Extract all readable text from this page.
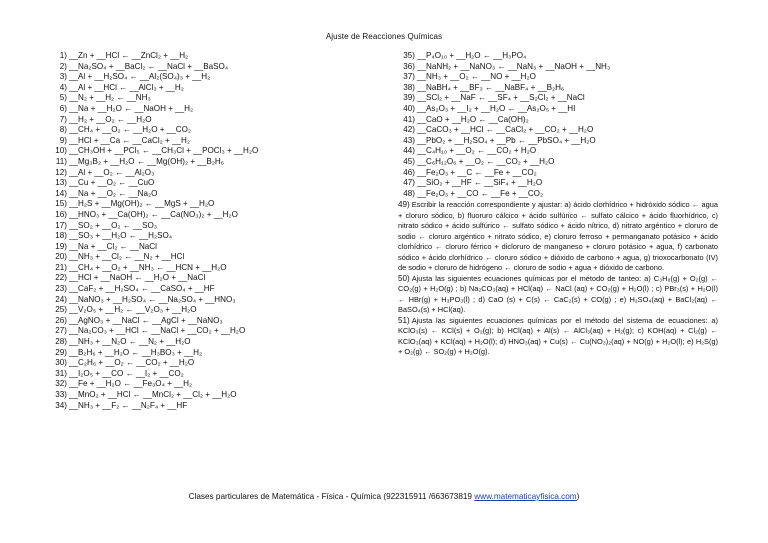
Ajuste de Reacciones Químicas
1) __Zn + __HCl ← __ZnCl₂ + __H₂
2) __Na₂SO₄ + __BaCl₂ ← __NaCl + __BaSO₄
3) __Al + __H₂SO₄ ← __Al₂(SO₄)₃ + __H₂
4) __Al + __HCl ← __AlCl₃ + __H₂
5) __N₂ + __H₂ ← __NH₃
6) __Na + __H₂O ← __NaOH + __H₂
7) __H₂ + __O₂ ← __H₂O
8) __CH₄ + __O₂ ← __H₂O + __CO₂
9) __HCl + __Ca ← __CaCl₂ + __H₂
10) __CH₃OH + __PCl₅ ← __CH₃Cl + __POCl₃ + __H₂O
11) __Mg₃B₂ + __H₂O ← __Mg(OH)₂ + __B₂H₆
12) __Al + __O₂ ← __Al₂O₃
13) __Cu + __O₂ ← __CuO
14) __Na + __O₂ ← __Na₂O
15) __H₂S + __Mg(OH)₂ ← __MgS + __H₂O
16) __HNO₃ + __Ca(OH)₂ ← __Ca(NO₃)₂ + __H₂O
17) __SO₂ + __O₂ ← __SO₃
18) __SO₃ + __H₂O ← __H₂SO₄
19) __Na + __Cl₂ ← __NaCl
20) __NH₃ + __Cl₂ ← __N₂ + __HCl
21) __CH₄ + __O₂ + __NH₃ ← __HCN + __H₂O
22) __HCl + __NaOH ← __H₂O + __NaCl
23) __CaF₂ + __H₂SO₄ ← __CaSO₄ + __HF
24) __NaNO₃ + __H₂SO₄ ← __Na₂SO₄ + __HNO₃
25) __V₂O₅ + __H₂ ← __V₂O₃ + __H₂O
26) __AgNO₃ + __NaCl ← __AgCl + __NaNO₃
27) __Na₂CO₃ + __HCl ← __NaCl + __CO₂ + __H₂O
28) __NH₃ + __N₂O ← __N₂ + __H₂O
29) __B₂H₆ + __H₂O ← __H₃BO₃ + __H₂
30) __C₂H₆ + __O₂ ← __CO₂ + __H₂O
31) __I₂O₅ + __CO ← __I₂ + __CO₂
32) __Fe + __H₂O ← __Fe₃O₄ + __H₂
33) __MnO₂ + __HCl ← __MnCl₂ + __Cl₂ + __H₂O
34) __NH₃ + __F₂ ← __N₂F₄ + __HF
35) __P₄O₁₀ + __H₂O ← __H₃PO₄
36) __NaNH₂ + __NaNO₃ ← __NaN₃ + __NaOH + __NH₃
37) __NH₃ + __O₂ ← __NO + __H₂O
38) __NaBH₄ + __BF₃ ← __NaBF₄ + __B₂H₆
39) __SCl₂ + __NaF ← __SF₄ + __S₂Cl₂ + __NaCl
40) __As₂O₃ + __I₂ + __H₂O ← __As₂O₅ + __HI
41) __CaO + __H₂O ← __Ca(OH)₂
42) __CaCO₃ + __HCl ← __CaCl₂ + __CO₂ + __H₂O
43) __PbO₂ + __H₂SO₄ + __Pb ← __PbSO₄ + __H₂O
44) __C₄H₁₀ + __O₂ ← __CO₂ + H₂O
45) __C₆H₁₂O₆ + __O₂ ← __CO₂ + __H₂O
46) __Fe₂O₃ + __C ← __Fe + __CO₂
47) __SiO₂ + __HF ← __SiF₄ + __H₂O
48) __Fe₂O₃ + __CO ← __Fe + __CO₂
49) Escribir la reacción correspondiente y ajustar: a) ácido clorhídrico + hidróxido sódico ← agua + cloruro sódico, b) fluoruro cálcico + ácido sulfúrico ← sulfato cálcico + ácido fluorhídrico, c) nitrato sódico + ácido sulfúrico ← sulfato sódico + ácido nítrico, d) nitrato argéntico + cloruro de sodio ← cloruro argéntico + nitrato sódico, e) cloruro ferroso + permanganato potásico + ácido clorhídrico ← cloruro férrico + dicloruro de manganeso + cloruro potásico + agua, f) carbonato sódico + ácido clorhídrico ← cloruro sódico + dióxido de carbono + agua, g) trioxocarbonato (IV) de sodio + cloruro de hidrógeno ← cloruro de sodio + agua + dióxido de carbono.
50) Ajusta las siguientes ecuaciones químicas por el método de tanteo: a) C₃H₈(g) + O₂(g) ← CO₂(g) + H₂O(g) ; b) Na₂CO₃(aq) + HCl(aq) ← NaCl (aq) + CO₂(g) + H₂O(l) ; c) PBr₃(s) + H₂O(l) ← HBr(g) + H₃PO₃(l) ; d) CaO (s) + C(s) ← CaC₂(s) + CO(g) ; e) H₂SO₄(aq) + BaCl₂(aq) ← BaSO₄(s) + HCl(aq).
51) Ajusta las siguientes ecuaciones químicas por el método del sistema de ecuaciones: a) KClO₃(s) ← KCl(s) + O₂(g); b) HCl(aq) + Al(s) ← AlCl₃(aq) + H₂(g); c) KOH(aq) + Cl₂(g) ← KClO₃(aq) + KCl(aq) + H₂O(l); d) HNO₃(aq) + Cu(s) ← Cu(NO₃)₂(aq) + NO(g) + H₂O(l); e) H₂S(g) + O₂(g) ← SO₂(g) + H₂O(g).
Clases particulares de Matemática - Física - Química (922315911 /663673819 www.matematicayfisica.com)
